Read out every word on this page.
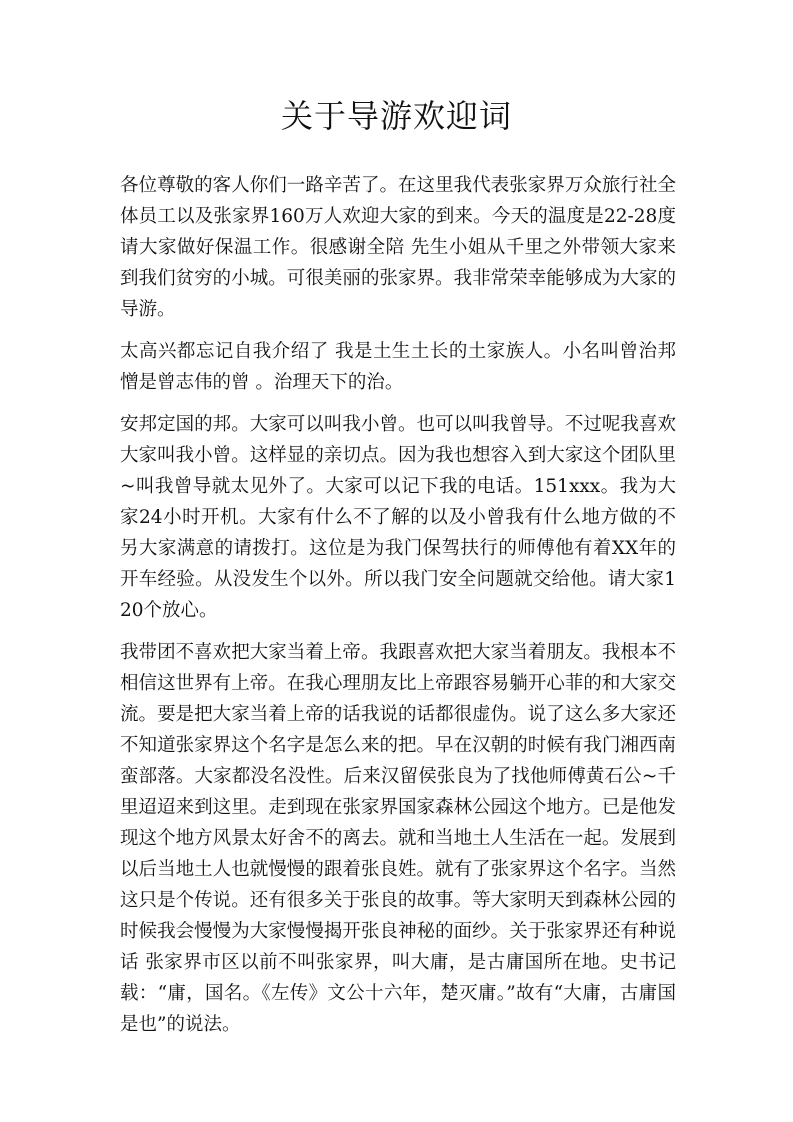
关于导游欢迎词

各位尊敬的客人你们一路辛苦了。在这里我代表张家界万众旅行社全体员工以及张家界160万人欢迎大家的到来。今天的温度是22-28度请大家做好保温工作。很感谢全陪 先生小姐从千里之外带领大家来到我们贫穷的小城。可很美丽的张家界。我非常荣幸能够成为大家的导游。

太高兴都忘记自我介绍了 我是土生土长的土家族人。小名叫曾治邦 憎是曾志伟的曾 。治理天下的治。

安邦定国的邦。大家可以叫我小曾。也可以叫我曾导。不过呢我喜欢大家叫我小曾。这样显的亲切点。因为我也想容入到大家这个团队里~叫我曾导就太见外了。大家可以记下我的电话。151xxx。我为大家24小时开机。大家有什么不了解的以及小曾我有什么地方做的不另大家满意的请拨打。这位是为我门保驾扶行的师傅他有着XX年的开车经验。从没发生个以外。所以我门安全问题就交给他。请大家120个放心。

我带团不喜欢把大家当着上帝。我跟喜欢把大家当着朋友。我根本不相信这世界有上帝。在我心理朋友比上帝跟容易躺开心菲的和大家交流。要是把大家当着上帝的话我说的话都很虚伪。说了这么多大家还不知道张家界这个名字是怎么来的把。早在汉朝的时候有我门湘西南蛮部落。大家都没名没性。后来汉留侯张良为了找他师傅黄石公~千里迢迢来到这里。走到现在张家界国家森林公园这个地方。已是他发现这个地方风景太好舍不的离去。就和当地土人生活在一起。发展到以后当地土人也就慢慢的跟着张良姓。就有了张家界这个名字。当然这只是个传说。还有很多关于张良的故事。等大家明天到森林公园的时候我会慢慢为大家慢慢揭开张良神秘的面纱。关于张家界还有种说话 张家界市区以前不叫张家界，叫大庸，是古庸国所在地。史书记载：“庸，国名。《左传》文公十六年，楚灭庸。”故有“大庸，古庸国是也”的说法。
